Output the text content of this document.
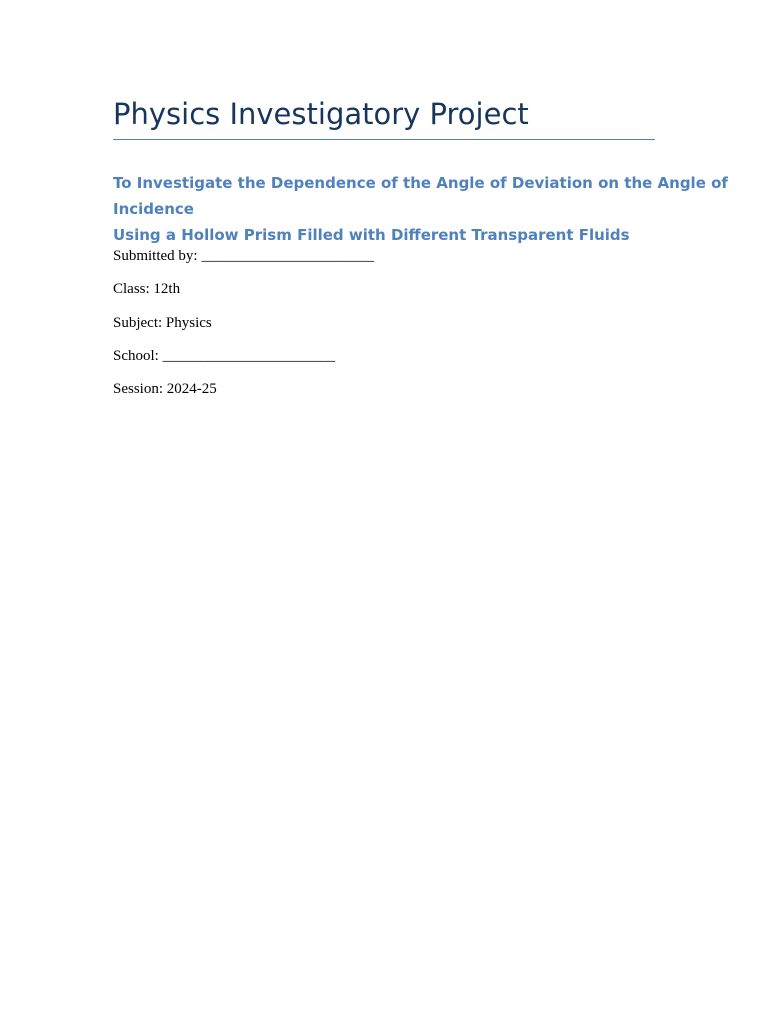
Physics Investigatory Project
To Investigate the Dependence of the Angle of Deviation on the Angle of
Incidence
Using a Hollow Prism Filled with Different Transparent Fluids

Submitted by: _______________________

Class: 12th

Subject: Physics

School: _______________________

Session: 2024-25
